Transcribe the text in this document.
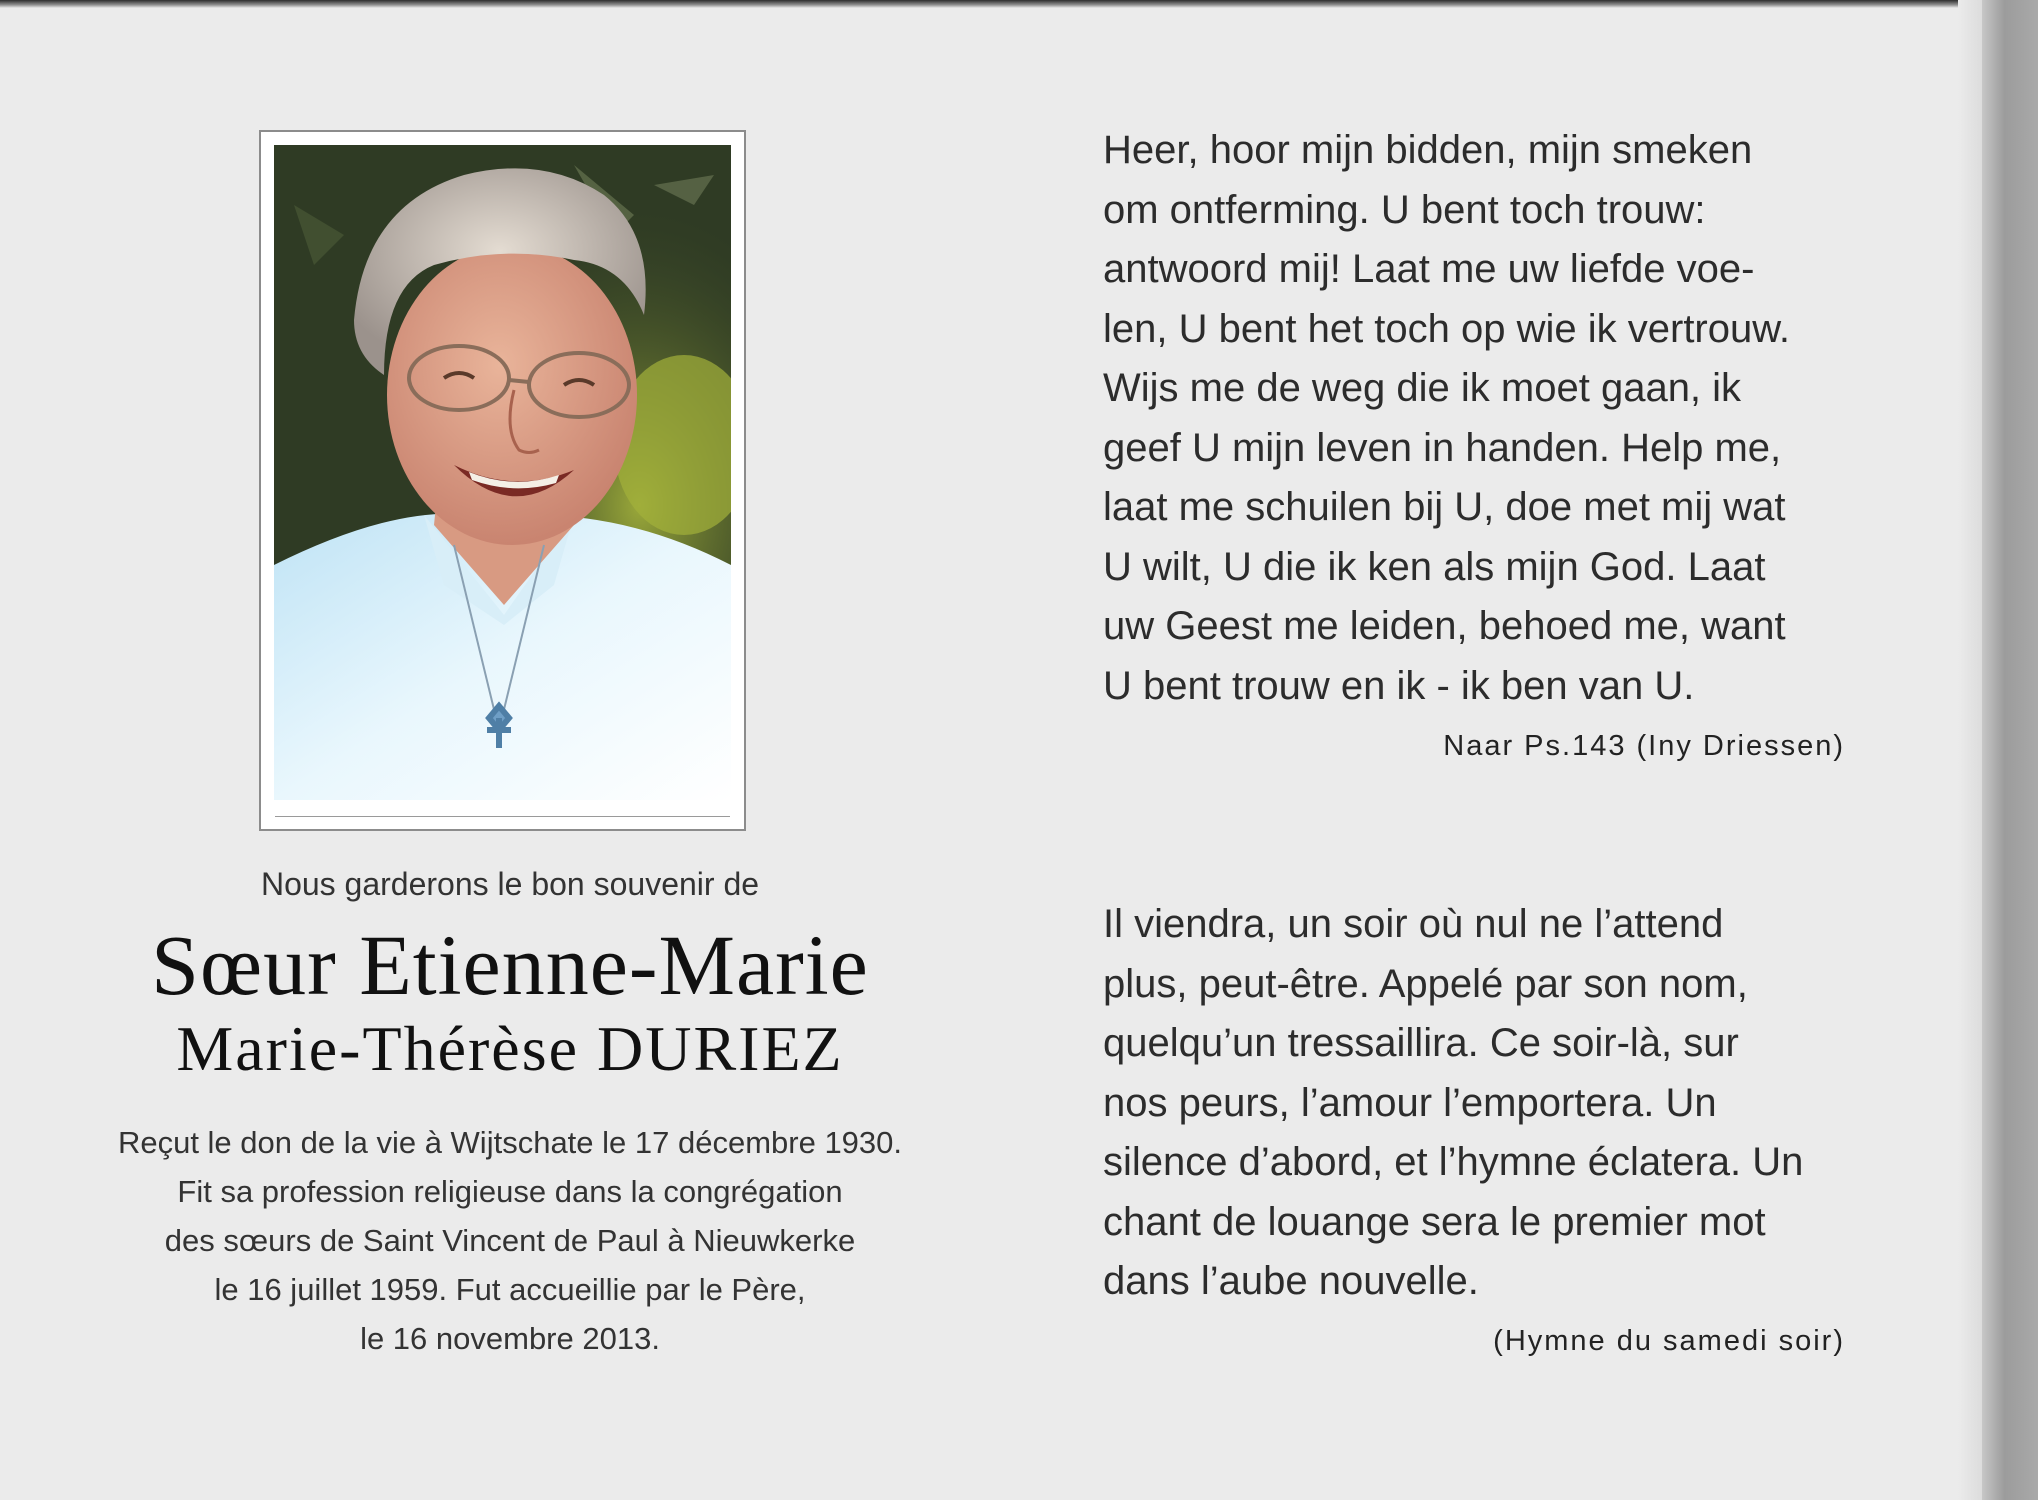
Nous garderons le bon souvenir de
Sœur Etienne-Marie
Marie-Thérèse DURIEZ
Reçut le don de la vie à Wijtschate le 17 décembre 1930.
Fit sa profession religieuse dans la congrégation
des sœurs de Saint Vincent de Paul à Nieuwkerke
le 16 juillet 1959. Fut accueillie par le Père,
le 16 novembre 2013.
Heer, hoor mijn bidden, mijn smeken
om ontferming. U bent toch trouw:
antwoord mij! Laat me uw liefde voe-
len, U bent het toch op wie ik vertrouw.
Wijs me de weg die ik moet gaan, ik
geef U mijn leven in handen. Help me,
laat me schuilen bij U, doe met mij wat
U wilt, U die ik ken als mijn God. Laat
uw Geest me leiden, behoed me, want
U bent trouw en ik - ik ben van U.
Naar Ps.143 (Iny Driessen)
Il viendra, un soir où nul ne l’attend
plus, peut-être. Appelé par son nom,
quelqu’un tressaillira. Ce soir-là, sur
nos peurs, l’amour l’emportera. Un
silence d’abord, et l’hymne éclatera. Un
chant de louange sera le premier mot
dans l’aube nouvelle.
(Hymne du samedi soir)
